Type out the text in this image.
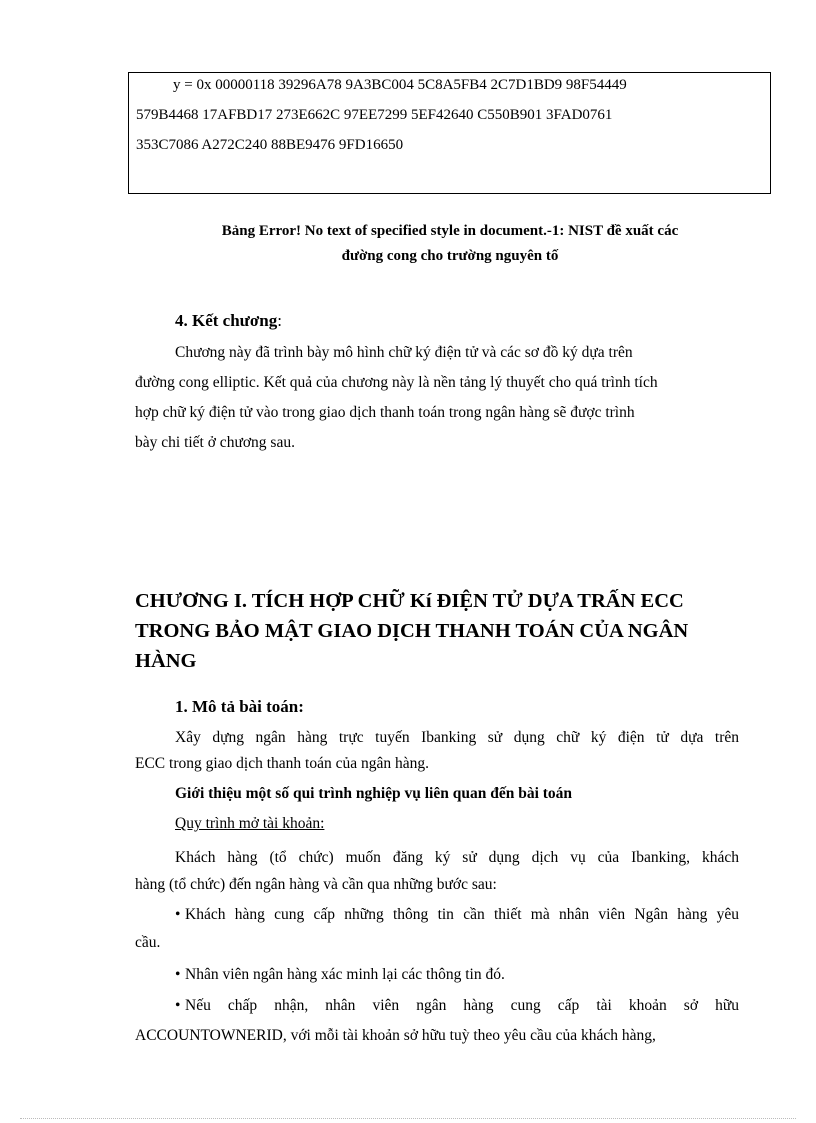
y = 0x 00000118 39296A78 9A3BC004 5C8A5FB4 2C7D1BD9 98F54449
579B4468 17AFBD17 273E662C 97EE7299 5EF42640 C550B901 3FAD0761
353C7086 A272C240 88BE9476 9FD16650
Bảng Error! No text of specified style in document.-1: NIST đề xuất các
đường cong cho trường nguyên tố
4. Kết chương:
Chương này đã trình bày mô hình chữ ký điện tử và các sơ đồ ký dựa trên
đường cong elliptic. Kết quả của chương này là nền tảng lý thuyết cho quá trình tích
hợp chữ ký điện tử vào trong giao dịch thanh toán trong ngân hàng sẽ được trình
bày chi tiết ở chương sau.
CHƯƠNG I. TÍCH HỢP CHỮ Kí ĐIỆN TỬ DỰA TRẤN ECC
TRONG BẢO MẬT GIAO DỊCH THANH TOÁN CỦA NGÂN
HÀNG
1. Mô tả bài toán:
Xây dựng ngân hàng trực tuyến Ibanking sử dụng chữ ký điện tử dựa trên
ECC trong giao dịch thanh toán của ngân hàng.
Giới thiệu một số qui trình nghiệp vụ liên quan đến bài toán
Quy trình mở tài khoản:
Khách hàng (tổ chức) muốn đăng ký sử dụng dịch vụ của Ibanking, khách
hàng (tổ chức) đến ngân hàng và cần qua những bước sau:
• Khách hàng cung cấp những thông tin cần thiết mà nhân viên Ngân hàng yêu
cầu.
• Nhân viên ngân hàng xác minh lại các thông tin đó.
• Nếu chấp nhận, nhân viên ngân hàng cung cấp tài khoản sở hữu
ACCOUNTOWNERID, với mỗi tài khoản sở hữu tuỳ theo yêu cầu của khách hàng,
